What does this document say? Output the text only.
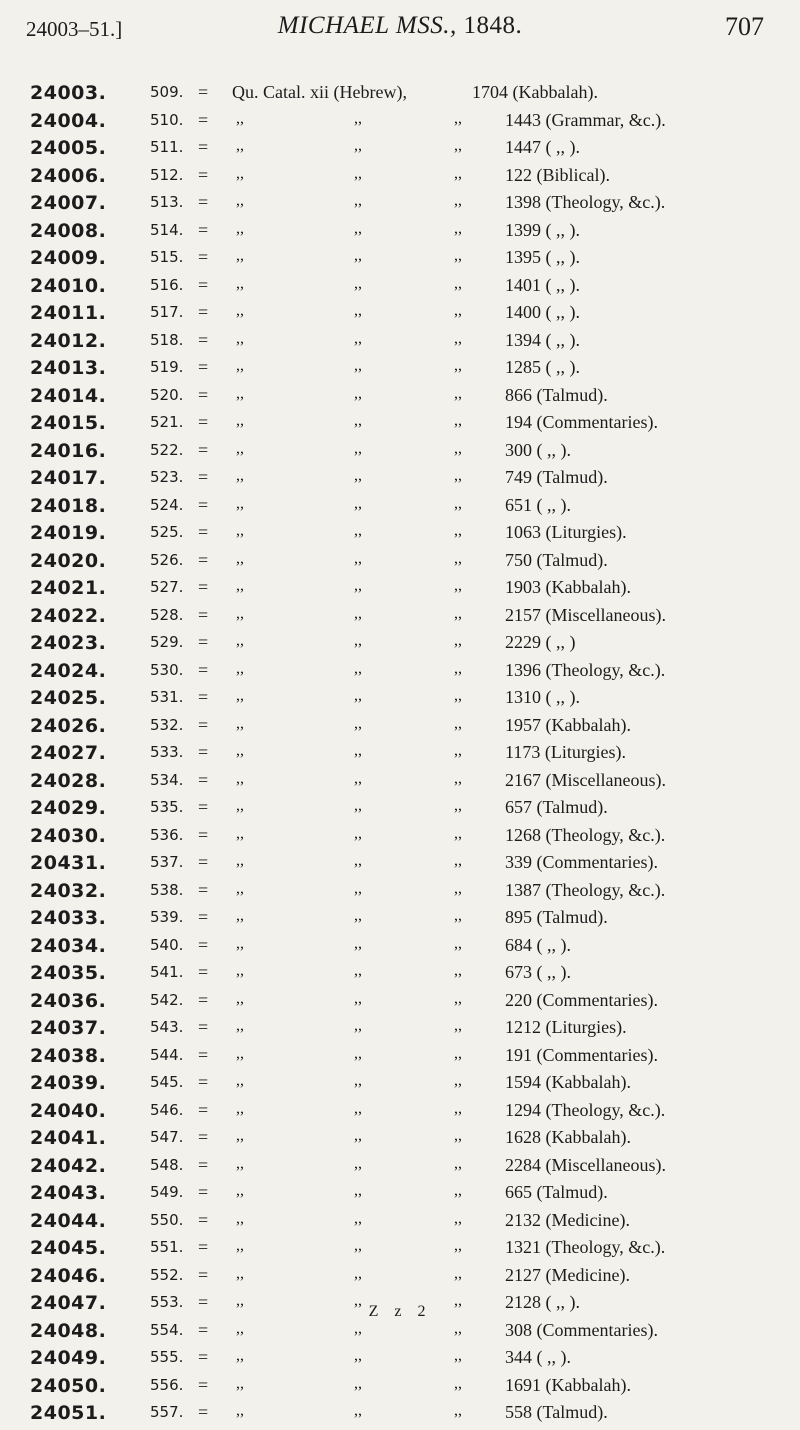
24003–51.]	MICHAEL MSS., 1848.	707
24003.	509. = Qu. Catal. xii (Hebrew),	1704 (Kabbalah).
24004.	510. = ,,	,,	,, 1443 (Grammar, &c.).
24005.	511. = ,,	,,	,, 1447 ( ,, ).
24006.	512. = ,,	,,	,, 122 (Biblical).
24007.	513. = ,,	,,	,, 1398 (Theology, &c.).
24008.	514. = ,,	,,	,, 1399 ( ,, ).
24009.	515. = ,,	,,	,, 1395 ( ,, ).
24010.	516. = ,,	,,	,, 1401 ( ,, ).
24011.	517. = ,,	,,	,, 1400 ( ,, ).
24012.	518. = ,,	,,	,, 1394 ( ,, ).
24013.	519. = ,,	,,	,, 1285 ( ,, ).
24014.	520. = ,,	,,	,, 866 (Talmud).
24015.	521. = ,,	,,	,, 194 (Commentaries).
24016.	522. = ,,	,,	,, 300 ( ,, ).
24017.	523. = ,,	,,	,, 749 (Talmud).
24018.	524. = ,,	,,	,, 651 ( ,, ).
24019.	525. = ,,	,,	,, 1063 (Liturgies).
24020.	526. = ,,	,,	,, 750 (Talmud).
24021.	527. = ,,	,,	,, 1903 (Kabbalah).
24022.	528. = ,,	,,	,, 2157 (Miscellaneous).
24023.	529. = ,,	,,	,, 2229 ( ,, )
24024.	530. = ,,	,,	,, 1396 (Theology, &c.).
24025.	531. = ,,	,,	,, 1310 ( ,, ).
24026.	532. = ,,	,,	,, 1957 (Kabbalah).
24027.	533. = ,,	,,	,, 1173 (Liturgies).
24028.	534. = ,,	,,	,, 2167 (Miscellaneous).
24029.	535. = ,,	,,	,, 657 (Talmud).
24030.	536. = ,,	,,	,, 1268 (Theology, &c.).
20431.	537. = ,,	,,	,, 339 (Commentaries).
24032.	538. = ,,	,,	,, 1387 (Theology, &c.).
24033.	539. = ,,	,,	,, 895 (Talmud).
24034.	540. = ,,	,,	,, 684 ( ,, ).
24035.	541. = ,,	,,	,, 673 ( ,, ).
24036.	542. = ,,	,,	,, 220 (Commentaries).
24037.	543. = ,,	,,	,, 1212 (Liturgies).
24038.	544. = ,,	,,	,, 191 (Commentaries).
24039.	545. = ,,	,,	,, 1594 (Kabbalah).
24040.	546. = ,,	,,	,, 1294 (Theology, &c.).
24041.	547. = ,,	,,	,, 1628 (Kabbalah).
24042.	548. = ,,	,,	,, 2284 (Miscellaneous).
24043.	549. = ,,	,,	,, 665 (Talmud).
24044.	550. = ,,	,,	,, 2132 (Medicine).
24045.	551. = ,,	,,	,, 1321 (Theology, &c.).
24046.	552. = ,,	,,	,, 2127 (Medicine).
24047.	553. = ,,	,,	,, 2128 ( ,, ).
24048.	554. = ,,	,,	,, 308 (Commentaries).
24049.	555. = ,,	,,	,, 344 ( ,, ).
24050.	556. = ,,	,,	,, 1691 (Kabbalah).
24051.	557. = ,,	,,	,, 558 (Talmud).
Z z 2
